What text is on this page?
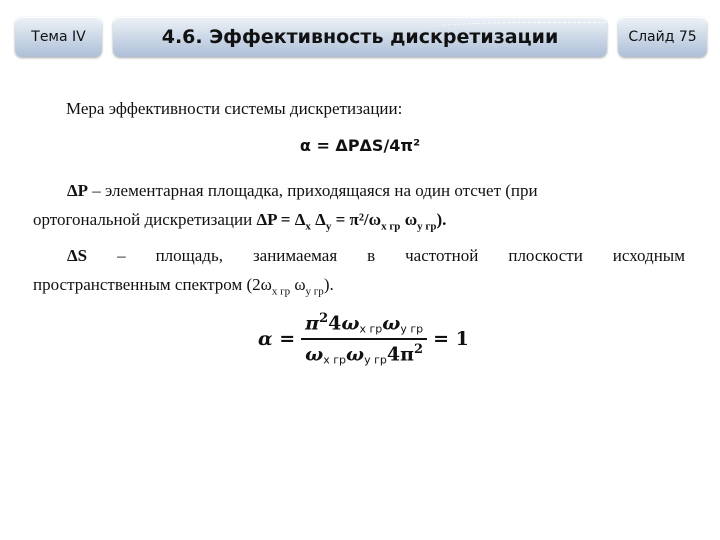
Тема IV	4.6. Эффективность дискретизации	Слайд 75
Мера эффективности системы дискретизации:
α = ΔPΔS/4π²
ΔP – элементарная площадка, приходящаяся на один отсчет (при
ортогональной дискретизации $\Delta P = \Delta_x$ $\Delta_y = \pi^2/\omega_{x гр}$ $\omega_{y гр}$).
ΔS – площадь, занимаемая в частотной плоскости исходным
пространственным спектром ($2\omega_{x гр}$ $\omega_{y гр}$).
$\alpha = \frac{\pi^24\omega_{x гр}\omega_{y гр}}{\omega_{x гр}\omega_{y гр}4\pi^2} = 1$
